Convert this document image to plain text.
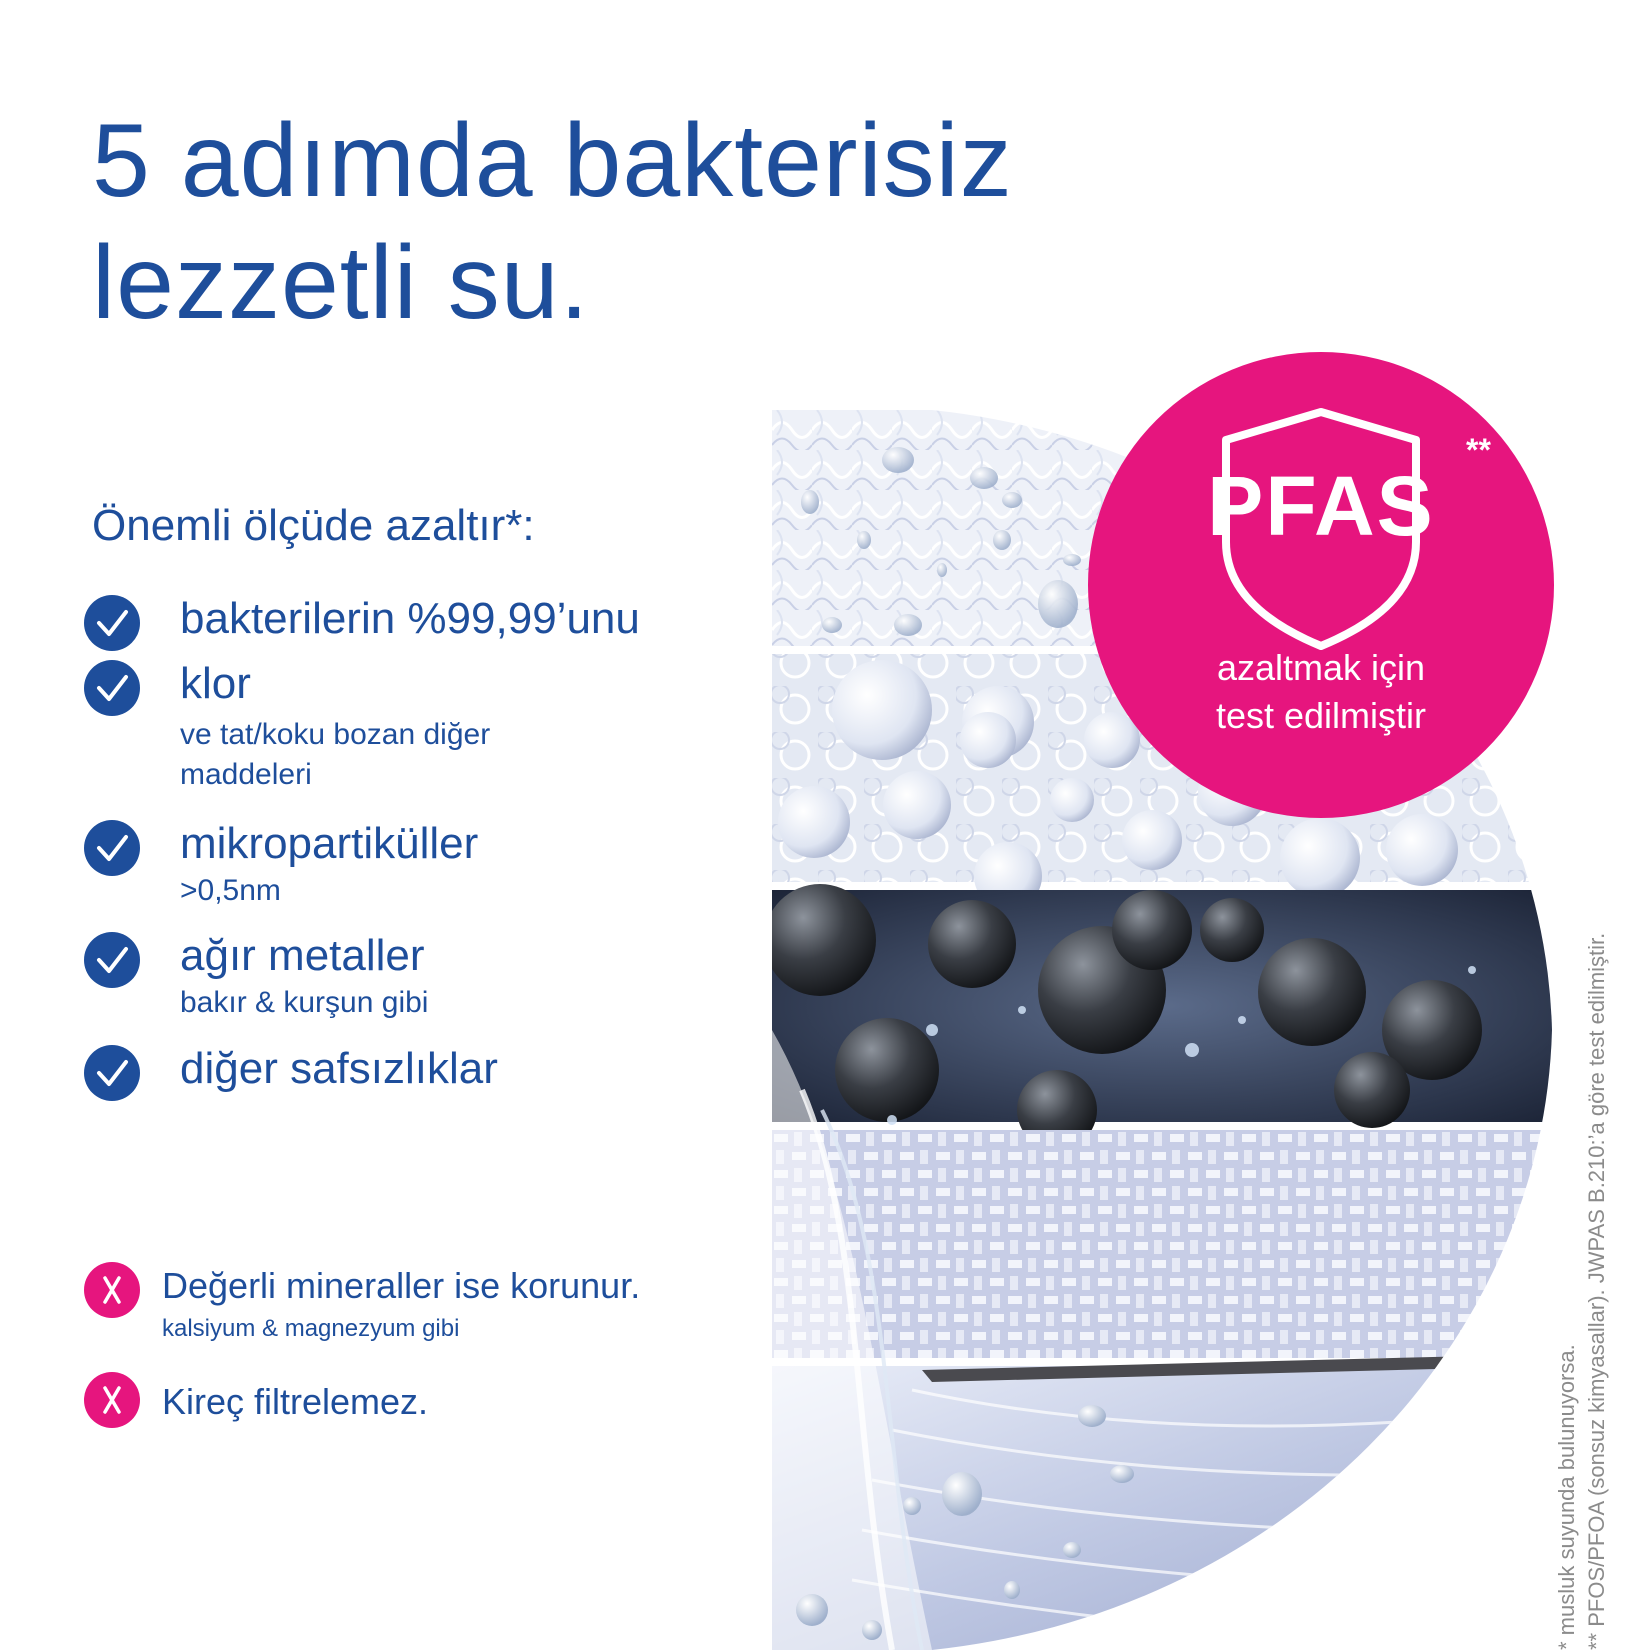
5 adımda bakterisiz
lezzetli su.

Önemli ölçüde azaltır*:

bakterilerin %99,99’unu
klor
ve tat/koku bozan diğer
maddeleri
mikropartiküller
>0,5nm
ağır metaller
bakır & kurşun gibi
diğer safsızlıklar
Değerli mineraller ise korunur.
kalsiyum & magnezyum gibi
Kireç filtrelemez.
PFAS
**
azaltmak için
test edilmiştir
* musluk suyunda bulunuyorsa. ** PFOS/PFOA (sonsuz kimyasallar). JWPAS B.210:’a göre test edilmiştir.
